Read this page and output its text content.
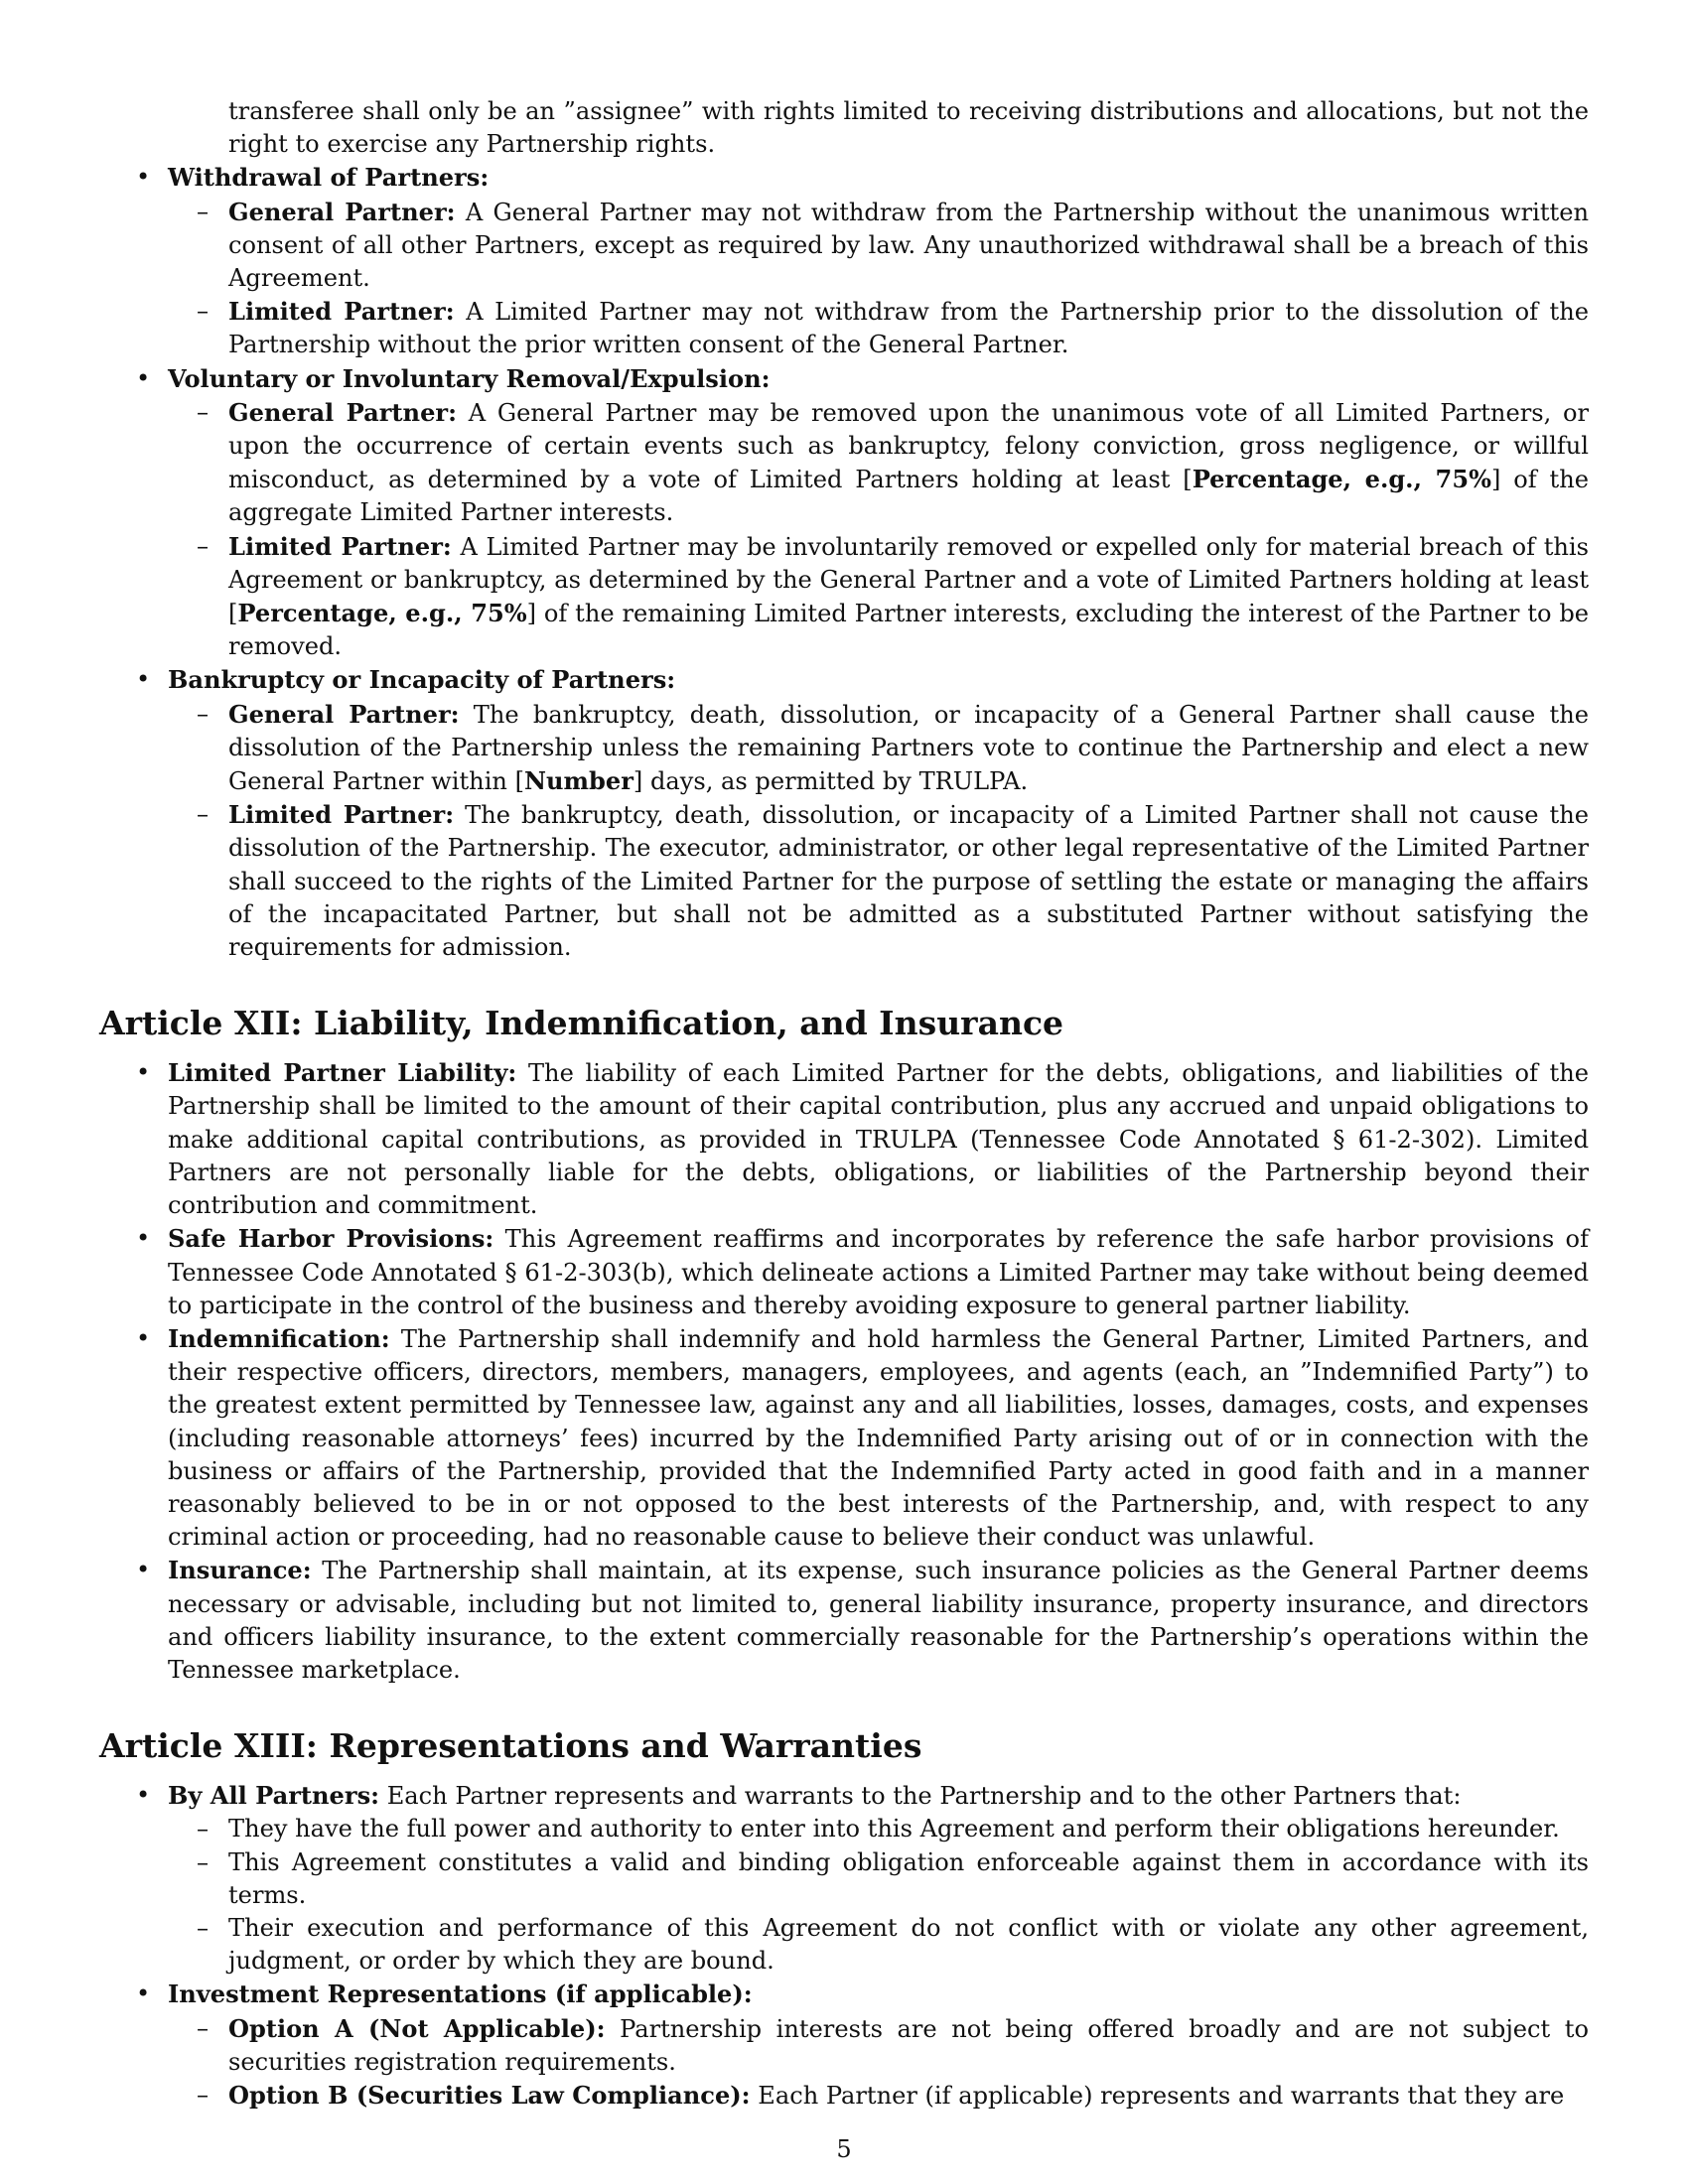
transferee shall only be an ”assignee” with rights limited to receiving distributions and allocations, but not the right to exercise any Partnership rights.
• Withdrawal of Partners:
– General Partner: A General Partner may not withdraw from the Partnership without the unanimous written consent of all other Partners, except as required by law. Any unauthorized withdrawal shall be a breach of this Agreement.
– Limited Partner: A Limited Partner may not withdraw from the Partnership prior to the dissolution of the Partnership without the prior written consent of the General Partner.
• Voluntary or Involuntary Removal/Expulsion:
– General Partner: A General Partner may be removed upon the unanimous vote of all Limited Partners, or upon the occurrence of certain events such as bankruptcy, felony conviction, gross negligence, or willful misconduct, as determined by a vote of Limited Partners holding at least [Percentage, e.g., 75%] of the aggregate Limited Partner interests.
– Limited Partner: A Limited Partner may be involuntarily removed or expelled only for material breach of this Agreement or bankruptcy, as determined by the General Partner and a vote of Limited Partners holding at least [Percentage, e.g., 75%] of the remaining Limited Partner interests, excluding the interest of the Partner to be removed.
• Bankruptcy or Incapacity of Partners:
– General Partner: The bankruptcy, death, dissolution, or incapacity of a General Partner shall cause the dissolution of the Partnership unless the remaining Partners vote to continue the Partnership and elect a new General Partner within [Number] days, as permitted by TRULPA.
– Limited Partner: The bankruptcy, death, dissolution, or incapacity of a Limited Partner shall not cause the dissolution of the Partnership. The executor, administrator, or other legal representative of the Limited Partner shall succeed to the rights of the Limited Partner for the purpose of settling the estate or managing the affairs of the incapacitated Partner, but shall not be admitted as a substituted Partner without satisfying the requirements for admission.
Article XII: Liability, Indemnification, and Insurance
• Limited Partner Liability: The liability of each Limited Partner for the debts, obligations, and liabilities of the Partnership shall be limited to the amount of their capital contribution, plus any accrued and unpaid obligations to make additional capital contributions, as provided in TRULPA (Tennessee Code Annotated § 61-2-302). Limited Partners are not personally liable for the debts, obligations, or liabilities of the Partnership beyond their contribution and commitment.
• Safe Harbor Provisions: This Agreement reaffirms and incorporates by reference the safe harbor provisions of Tennessee Code Annotated § 61-2-303(b), which delineate actions a Limited Partner may take without being deemed to participate in the control of the business and thereby avoiding exposure to general partner liability.
• Indemnification: The Partnership shall indemnify and hold harmless the General Partner, Limited Partners, and their respective officers, directors, members, managers, employees, and agents (each, an ”Indemnified Party”) to the greatest extent permitted by Tennessee law, against any and all liabilities, losses, damages, costs, and expenses (including reasonable attorneys’ fees) incurred by the Indemnified Party arising out of or in connection with the business or affairs of the Partnership, provided that the Indemnified Party acted in good faith and in a manner reasonably believed to be in or not opposed to the best interests of the Partnership, and, with respect to any criminal action or proceeding, had no reasonable cause to believe their conduct was unlawful.
• Insurance: The Partnership shall maintain, at its expense, such insurance policies as the General Partner deems necessary or advisable, including but not limited to, general liability insurance, property insurance, and directors and officers liability insurance, to the extent commercially reasonable for the Partnership’s operations within the Tennessee marketplace.
Article XIII: Representations and Warranties
• By All Partners: Each Partner represents and warrants to the Partnership and to the other Partners that:
– They have the full power and authority to enter into this Agreement and perform their obligations hereunder.
– This Agreement constitutes a valid and binding obligation enforceable against them in accordance with its terms.
– Their execution and performance of this Agreement do not conflict with or violate any other agreement, judgment, or order by which they are bound.
• Investment Representations (if applicable):
– Option A (Not Applicable): Partnership interests are not being offered broadly and are not subject to securities registration requirements.
– Option B (Securities Law Compliance): Each Partner (if applicable) represents and warrants that they are
5
